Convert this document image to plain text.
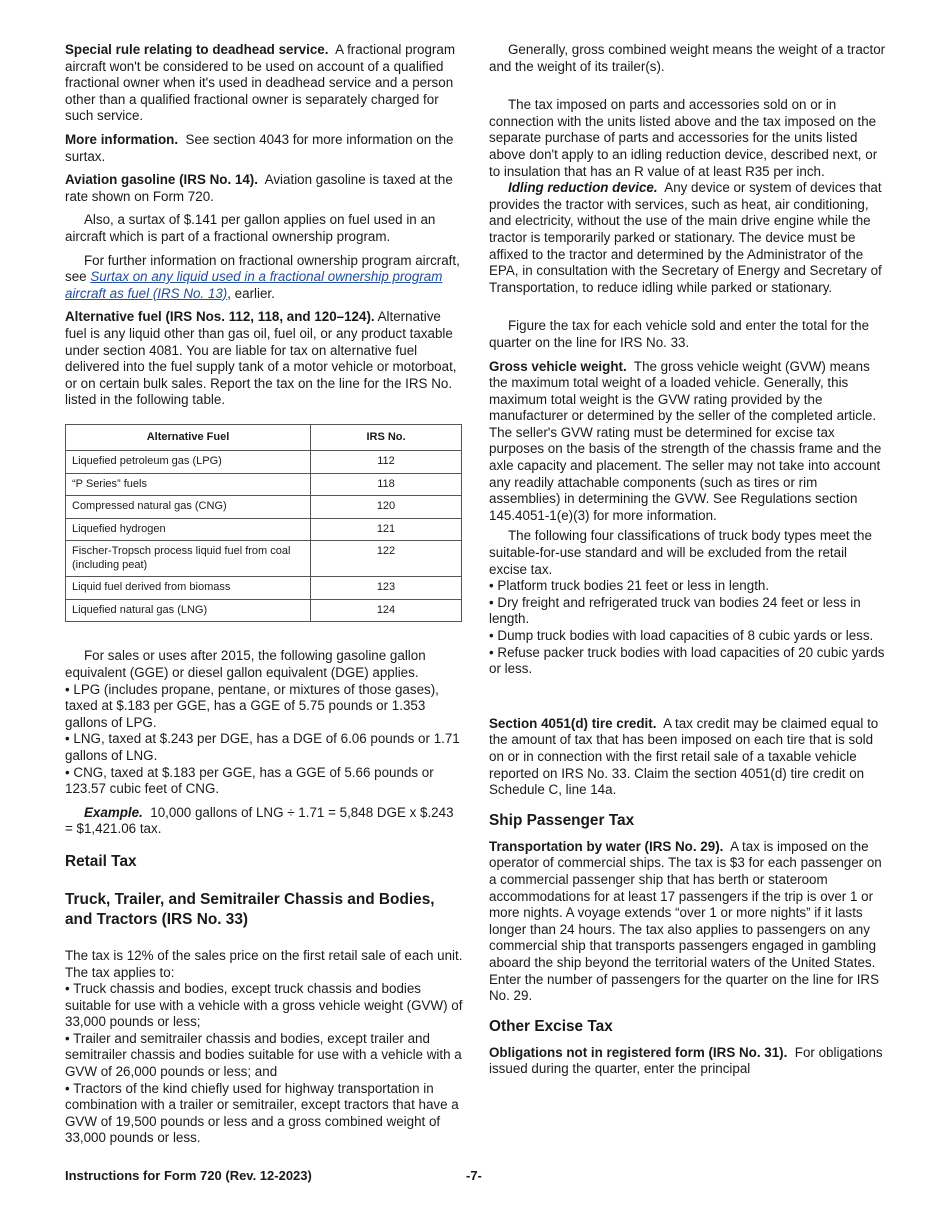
Special rule relating to deadhead service. A fractional program aircraft won't be considered to be used on account of a qualified fractional owner when it's used in deadhead service and a person other than a qualified fractional owner is separately charged for such service.

More information. See section 4043 for more information on the surtax.

Aviation gasoline (IRS No. 14). Aviation gasoline is taxed at the rate shown on Form 720.

Also, a surtax of $.141 per gallon applies on fuel used in an aircraft which is part of a fractional ownership program.

For further information on fractional ownership program aircraft, see Surtax on any liquid used in a fractional ownership program aircraft as fuel (IRS No. 13), earlier.

Alternative fuel (IRS Nos. 112, 118, and 120–124). Alternative fuel is any liquid other than gas oil, fuel oil, or any product taxable under section 4081. You are liable for tax on alternative fuel delivered into the fuel supply tank of a motor vehicle or motorboat, or on certain bulk sales. Report the tax on the line for the IRS No. listed in the following table.

Alternative Fuel	IRS No.
Liquefied petroleum gas (LPG)	112
“P Series” fuels	118
Compressed natural gas (CNG)	120
Liquefied hydrogen	121
Fischer-Tropsch process liquid fuel from coal (including peat)	122
Liquid fuel derived from biomass	123
Liquefied natural gas (LNG)	124

For sales or uses after 2015, the following gasoline gallon equivalent (GGE) or diesel gallon equivalent (DGE) applies.

• LPG (includes propane, pentane, or mixtures of those gases), taxed at $.183 per GGE, has a GGE of 5.75 pounds or 1.353 gallons of LPG.
• LNG, taxed at $.243 per DGE, has a DGE of 6.06 pounds or 1.71 gallons of LNG.
• CNG, taxed at $.183 per GGE, has a GGE of 5.66 pounds or 123.57 cubic feet of CNG.

Example. 10,000 gallons of LNG ÷ 1.71 = 5,848 DGE x $.243 = $1,421.06 tax.

Retail Tax
Truck, Trailer, and Semitrailer Chassis and Bodies, and Tractors (IRS No. 33)

The tax is 12% of the sales price on the first retail sale of each unit. The tax applies to:

• Truck chassis and bodies, except truck chassis and bodies suitable for use with a vehicle with a gross vehicle weight (GVW) of 33,000 pounds or less;
• Trailer and semitrailer chassis and bodies, except trailer and semitrailer chassis and bodies suitable for use with a vehicle with a GVW of 26,000 pounds or less; and
• Tractors of the kind chiefly used for highway transportation in combination with a trailer or semitrailer, except tractors that have a GVW of 19,500 pounds or less and a gross combined weight of 33,000 pounds or less.

Generally, gross combined weight means the weight of a tractor and the weight of its trailer(s).

The tax imposed on parts and accessories sold on or in connection with the units listed above and the tax imposed on the separate purchase of parts and accessories for the units listed above don't apply to an idling reduction device, described next, or to insulation that has an R value of at least R35 per inch.

Idling reduction device. Any device or system of devices that provides the tractor with services, such as heat, air conditioning, and electricity, without the use of the main drive engine while the tractor is temporarily parked or stationary. The device must be affixed to the tractor and determined by the Administrator of the EPA, in consultation with the Secretary of Energy and Secretary of Transportation, to reduce idling while parked or stationary.

Figure the tax for each vehicle sold and enter the total for the quarter on the line for IRS No. 33.

Gross vehicle weight. The gross vehicle weight (GVW) means the maximum total weight of a loaded vehicle. Generally, this maximum total weight is the GVW rating provided by the manufacturer or determined by the seller of the completed article. The seller's GVW rating must be determined for excise tax purposes on the basis of the strength of the chassis frame and the axle capacity and placement. The seller may not take into account any readily attachable components (such as tires or rim assemblies) in determining the GVW. See Regulations section 145.4051-1(e)(3) for more information.

The following four classifications of truck body types meet the suitable-for-use standard and will be excluded from the retail excise tax.

• Platform truck bodies 21 feet or less in length.
• Dry freight and refrigerated truck van bodies 24 feet or less in length.
• Dump truck bodies with load capacities of 8 cubic yards or less.
• Refuse packer truck bodies with load capacities of 20 cubic yards or less.

Section 4051(d) tire credit. A tax credit may be claimed equal to the amount of tax that has been imposed on each tire that is sold on or in connection with the first retail sale of a taxable vehicle reported on IRS No. 33. Claim the section 4051(d) tire credit on Schedule C, line 14a.

Ship Passenger Tax

Transportation by water (IRS No. 29). A tax is imposed on the operator of commercial ships. The tax is $3 for each passenger on a commercial passenger ship that has berth or stateroom accommodations for at least 17 passengers if the trip is over 1 or more nights. A voyage extends “over 1 or more nights” if it lasts longer than 24 hours. The tax also applies to passengers on any commercial ship that transports passengers engaged in gambling aboard the ship beyond the territorial waters of the United States. Enter the number of passengers for the quarter on the line for IRS
No. 29.

Other Excise Tax

Obligations not in registered form (IRS No. 31). For obligations issued during the quarter, enter the principal

Instructions for Form 720 (Rev. 12-2023)	-7-
